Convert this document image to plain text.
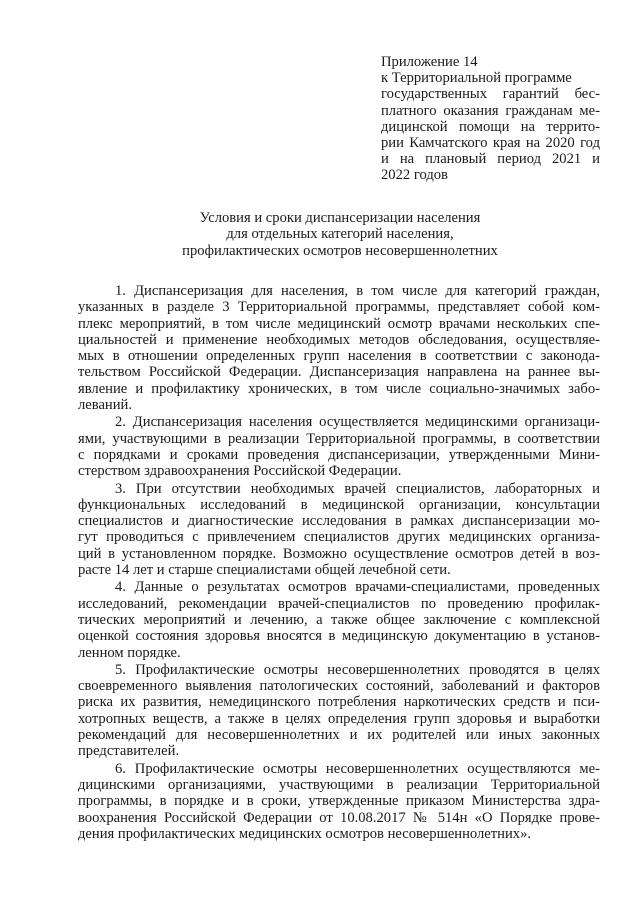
Приложение 14
к Территориальной программе
государственных гарантий бес-
платного оказания гражданам ме-
дицинской помощи на террито-
рии Камчатского края на 2020 год
и на плановый период 2021 и
2022 годов
Условия и сроки диспансеризации населения
для отдельных категорий населения,
профилактических осмотров несовершеннолетних
1. Диспансеризация для населения, в том числе для категорий граждан,
указанных в разделе 3 Территориальной программы, представляет собой ком-
плекс мероприятий, в том числе медицинский осмотр врачами нескольких спе-
циальностей и применение необходимых методов обследования, осуществляе-
мых в отношении определенных групп населения в соответствии с законода-
тельством Российской Федерации. Диспансеризация направлена на раннее вы-
явление и профилактику хронических, в том числе социально-значимых забо-
леваний.
2. Диспансеризация населения осуществляется медицинскими организаци-
ями, участвующими в реализации Территориальной программы, в соответствии
с порядками и сроками проведения диспансеризации, утвержденными Мини-
стерством здравоохранения Российской Федерации.
3. При отсутствии необходимых врачей специалистов, лабораторных и
функциональных исследований в медицинской организации, консультации
специалистов и диагностические исследования в рамках диспансеризации мо-
гут проводиться с привлечением специалистов других медицинских организа-
ций в установленном порядке. Возможно осуществление осмотров детей в воз-
расте 14 лет и старше специалистами общей лечебной сети.
4. Данные о результатах осмотров врачами-специалистами, проведенных
исследований, рекомендации врачей-специалистов по проведению профилак-
тических мероприятий и лечению, а также общее заключение с комплексной
оценкой состояния здоровья вносятся в медицинскую документацию в установ-
ленном порядке.
5. Профилактические осмотры несовершеннолетних проводятся в целях
своевременного выявления патологических состояний, заболеваний и факторов
риска их развития, немедицинского потребления наркотических средств и пси-
хотропных веществ, а также в целях определения групп здоровья и выработки
рекомендаций для несовершеннолетних и их родителей или иных законных
представителей.
6. Профилактические осмотры несовершеннолетних осуществляются ме-
дицинскими организациями, участвующими в реализации Территориальной
программы, в порядке и в сроки, утвержденные приказом Министерства здра-
воохранения Российской Федерации от 10.08.2017 № 514н «О Порядке прове-
дения профилактических медицинских осмотров несовершеннолетних».
